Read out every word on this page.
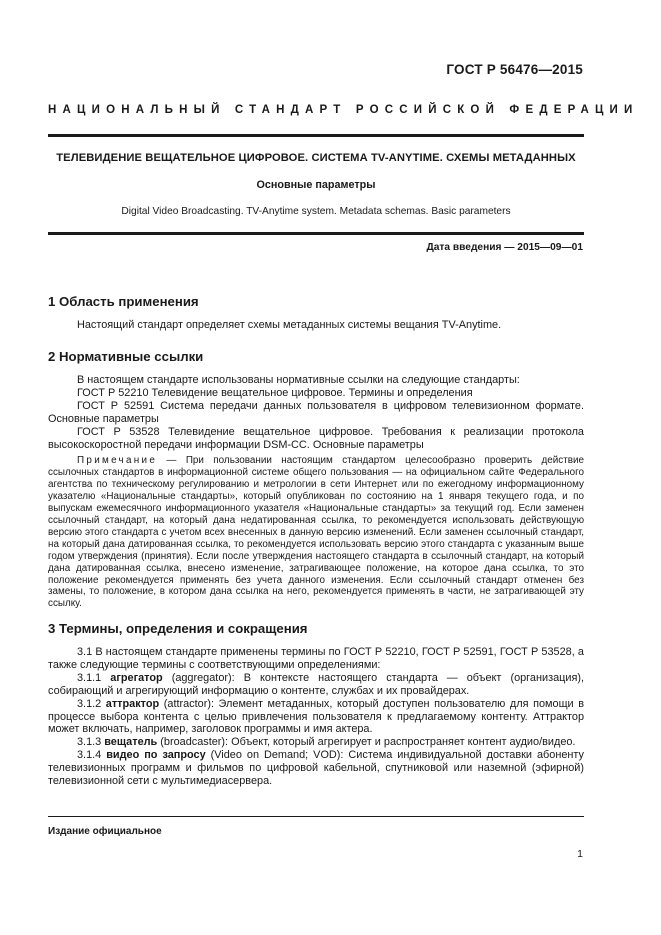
ГОСТ Р 56476—2015
НАЦИОНАЛЬНЫЙ СТАНДАРТ РОССИЙСКОЙ ФЕДЕРАЦИИ
ТЕЛЕВИДЕНИЕ ВЕЩАТЕЛЬНОЕ ЦИФРОВОЕ. СИСТЕМА TV-ANYTIME. СХЕМЫ МЕТАДАННЫХ
Основные параметры
Digital Video Broadcasting. TV-Anytime system. Metadata schemas. Basic parameters
Дата введения — 2015—09—01
1 Область применения

Настоящий стандарт определяет схемы метаданных системы вещания TV-Anytime.

2 Нормативные ссылки

В настоящем стандарте использованы нормативные ссылки на следующие стандарты:

ГОСТ Р 52210 Телевидение вещательное цифровое. Термины и определения

ГОСТ Р 52591 Система передачи данных пользователя в цифровом телевизионном формате. Основные параметры

ГОСТ Р 53528 Телевидение вещательное цифровое. Требования к реализации протокола высокоскоростной передачи информации DSM-CC. Основные параметры

Примечание — При пользовании настоящим стандартом целесообразно проверить действие ссылочных стандартов в информационной системе общего пользования — на официальном сайте Федерального агентства по техническому регулированию и метрологии в сети Интернет или по ежегодному информационному указателю «Национальные стандарты», который опубликован по состоянию на 1 января текущего года, и по выпускам ежемесячного информационного указателя «Национальные стандарты» за текущий год. Если заменен ссылочный стандарт, на который дана недатированная ссылка, то рекомендуется использовать действующую версию этого стандарта с учетом всех внесенных в данную версию изменений. Если заменен ссылочный стандарт, на который дана датированная ссылка, то рекомендуется использовать версию этого стандарта с указанным выше годом утверждения (принятия). Если после утверждения настоящего стандарта в ссылочный стандарт, на который дана датированная ссылка, внесено изменение, затрагивающее положение, на которое дана ссылка, то это положение рекомендуется применять без учета данного изменения. Если ссылочный стандарт отменен без замены, то положение, в котором дана ссылка на него, рекомендуется применять в части, не затрагивающей эту ссылку.

3 Термины, определения и сокращения

3.1 В настоящем стандарте применены термины по ГОСТ Р 52210, ГОСТ Р 52591, ГОСТ Р 53528, а также следующие термины с соответствующими определениями:

3.1.1 агрегатор (aggregator): В контексте настоящего стандарта — объект (организация), собирающий и агрегирующий информацию о контенте, службах и их провайдерах.

3.1.2 аттрактор (attractor): Элемент метаданных, который доступен пользователю для помощи в процессе выбора контента с целью привлечения пользователя к предлагаемому контенту. Аттрактор может включать, например, заголовок программы и имя актера.

3.1.3 вещатель (broadcaster): Объект, который агрегирует и распространяет контент аудио/видео.

3.1.4 видео по запросу (Video on Demand; VOD): Система индивидуальной доставки абоненту телевизионных программ и фильмов по цифровой кабельной, спутниковой или наземной (эфирной) телевизионной сети с мультимедиасервера.

Издание официальное
1
